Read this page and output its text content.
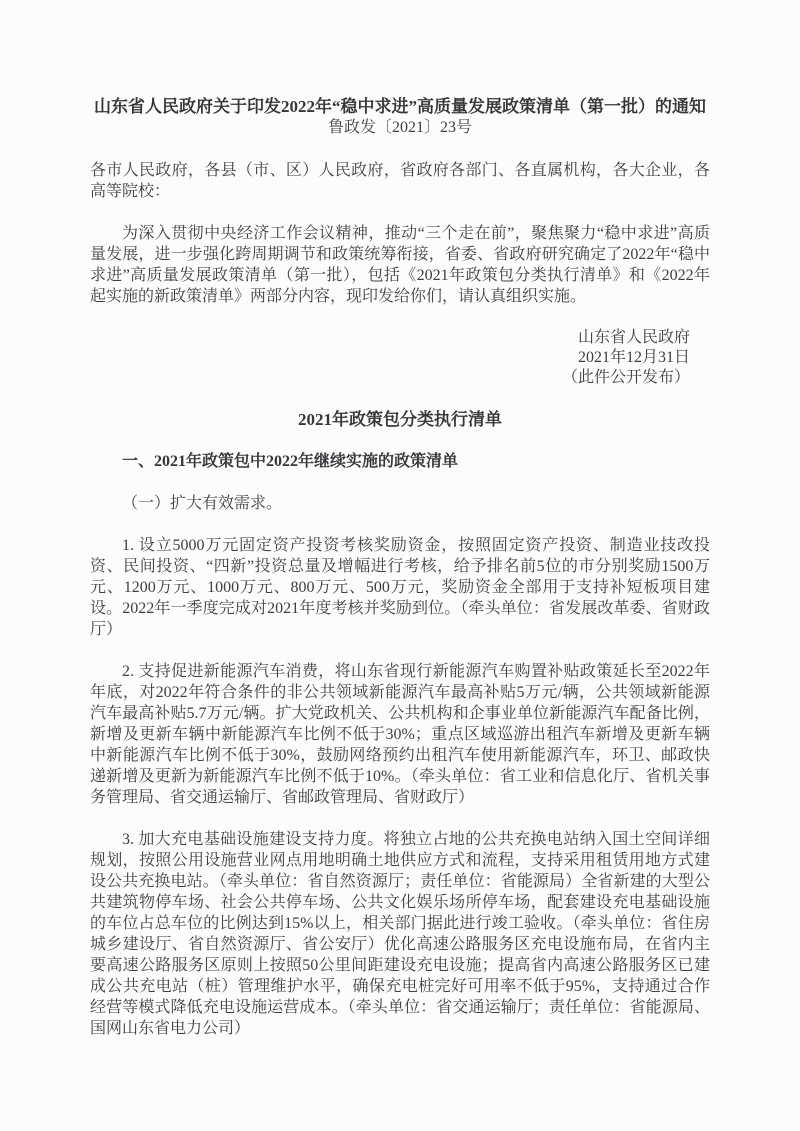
山东省人民政府关于印发2022年“稳中求进”高质量发展政策清单（第一批）的通知
鲁政发〔2021〕23号

各市人民政府，各县（市、区）人民政府，省政府各部门、各直属机构，各大企业，各高等院校：

为深入贯彻中央经济工作会议精神，推动“三个走在前”，聚焦聚力“稳中求进”高质量发展，进一步强化跨周期调节和政策统筹衔接，省委、省政府研究确定了2022年“稳中求进”高质量发展政策清单（第一批），包括《2021年政策包分类执行清单》和《2022年起实施的新政策清单》两部分内容，现印发给你们，请认真组织实施。

山东省人民政府
2021年12月31日
（此件公开发布）
2021年政策包分类执行清单
一、2021年政策包中2022年继续实施的政策清单

（一）扩大有效需求。

1. 设立5000万元固定资产投资考核奖励资金，按照固定资产投资、制造业技改投资、民间投资、“四新”投资总量及增幅进行考核，给予排名前5位的市分别奖励1500万元、1200万元、1000万元、800万元、500万元，奖励资金全部用于支持补短板项目建设。2022年一季度完成对2021年度考核并奖励到位。（牵头单位：省发展改革委、省财政厅）

2. 支持促进新能源汽车消费，将山东省现行新能源汽车购置补贴政策延长至2022年年底，对2022年符合条件的非公共领域新能源汽车最高补贴5万元/辆，公共领域新能源汽车最高补贴5.7万元/辆。扩大党政机关、公共机构和企事业单位新能源汽车配备比例，新增及更新车辆中新能源汽车比例不低于30%；重点区域巡游出租汽车新增及更新车辆中新能源汽车比例不低于30%，鼓励网络预约出租汽车使用新能源汽车，环卫、邮政快递新增及更新为新能源汽车比例不低于10%。（牵头单位：省工业和信息化厅、省机关事务管理局、省交通运输厅、省邮政管理局、省财政厅）

3. 加大充电基础设施建设支持力度。将独立占地的公共充换电站纳入国土空间详细规划，按照公用设施营业网点用地明确土地供应方式和流程，支持采用租赁用地方式建设公共充换电站。（牵头单位：省自然资源厅；责任单位：省能源局）全省新建的大型公共建筑物停车场、社会公共停车场、公共文化娱乐场所停车场，配套建设充电基础设施的车位占总车位的比例达到15%以上，相关部门据此进行竣工验收。（牵头单位：省住房城乡建设厅、省自然资源厅、省公安厅）优化高速公路服务区充电设施布局，在省内主要高速公路服务区原则上按照50公里间距建设充电设施；提高省内高速公路服务区已建成公共充电站（桩）管理维护水平，确保充电桩完好可用率不低于95%，支持通过合作经营等模式降低充电设施运营成本。（牵头单位：省交通运输厅；责任单位：省能源局、国网山东省电力公司）
